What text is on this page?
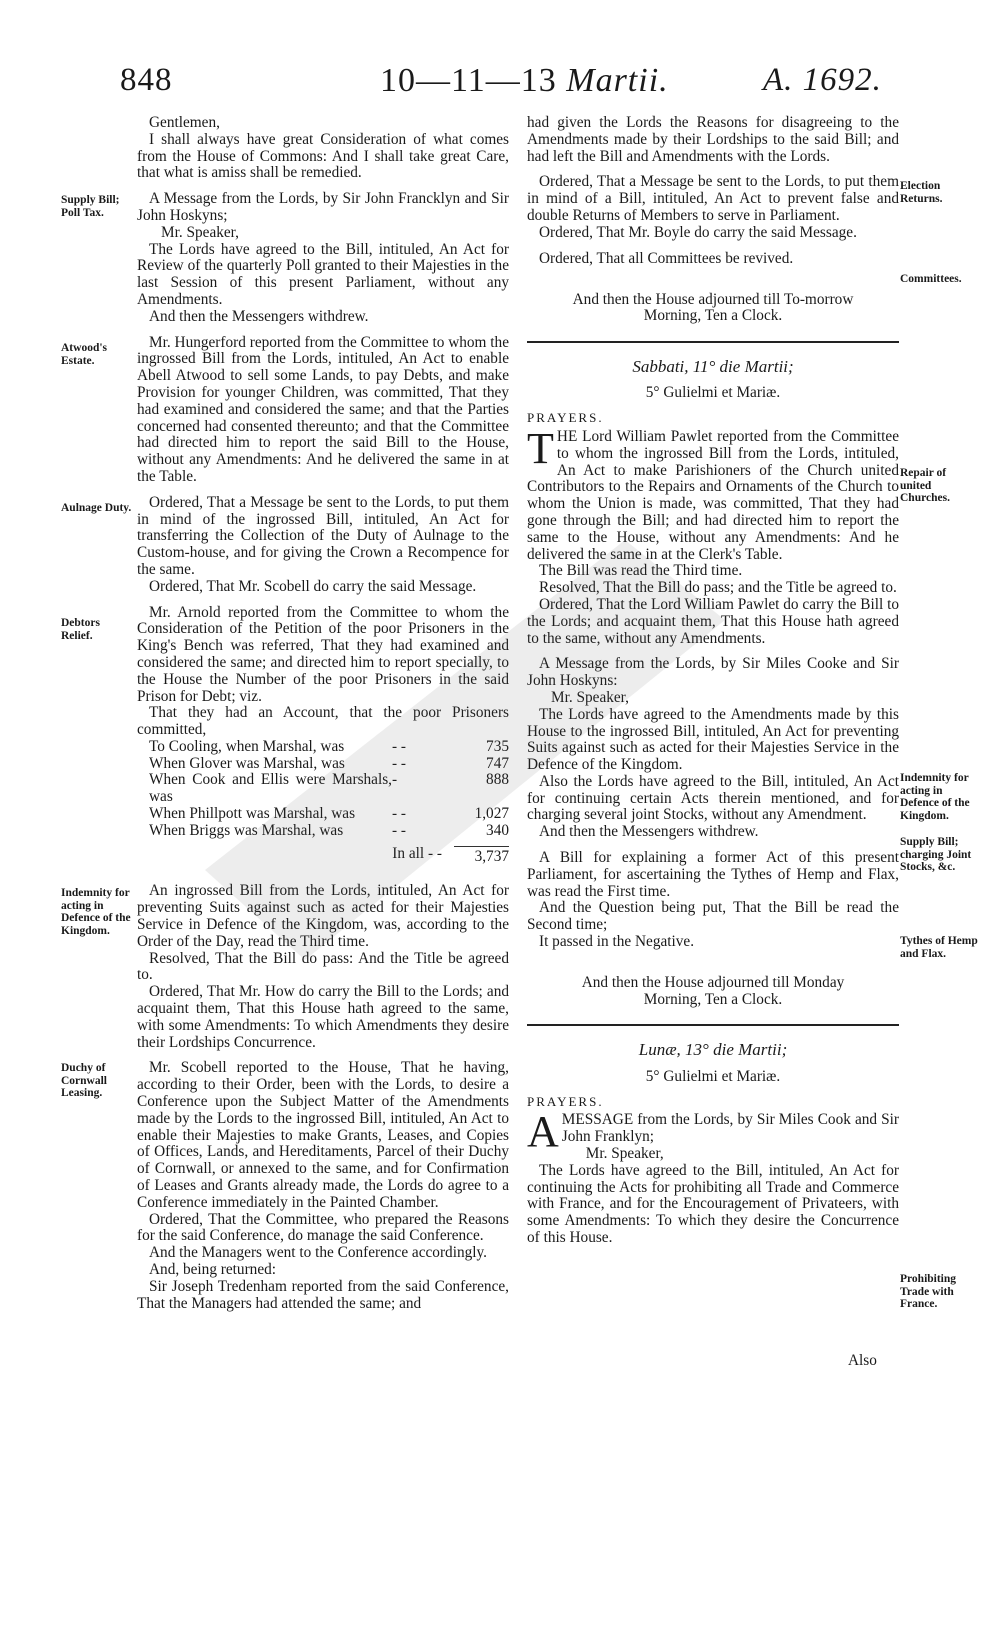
848	10—11—13 Martii.	A. 1692.

Gentlemen,

I shall always have great Consideration of what comes from the House of Commons: And I shall take great Care, that what is amiss shall be remedied.

A Message from the Lords, by Sir John Francklyn and Sir John Hoskyns;

Mr. Speaker,

The Lords have agreed to the Bill, intituled, An Act for Review of the quarterly Poll granted to their Majesties in the last Session of this present Parliament, without any Amendments.

And then the Messengers withdrew.

Mr. Hungerford reported from the Committee to whom the ingrossed Bill from the Lords, intituled, An Act to enable Abell Atwood to sell some Lands, to pay Debts, and make Provision for younger Children, was committed, That they had examined and considered the same; and that the Parties concerned had consented thereunto; and that the Committee had directed him to report the said Bill to the House, without any Amendments: And he delivered the same in at the Table.

Ordered, That a Message be sent to the Lords, to put them in mind of the ingrossed Bill, intituled, An Act for transferring the Collection of the Duty of Aulnage to the Custom-house, and for giving the Crown a Recompence for the same.

Ordered, That Mr. Scobell do carry the said Message.

Mr. Arnold reported from the Committee to whom the Consideration of the Petition of the poor Prisoners in the King's Bench was referred, That they had examined and considered the same; and directed him to report specially, to the House the Number of the poor Prisoners in the said Prison for Debt; viz.

That they had an Account, that the poor Prisoners committed,

To Cooling, when Marshal, was	- -	735
When Glover was Marshal, was	- -	747
When Cook and Ellis were Marshals, was
-	888
When Phillpott was Marshal, was	- -	1,027
When Briggs was Marshal, was	- -	340
In all - -	3,737

An ingrossed Bill from the Lords, intituled, An Act for preventing Suits against such as acted for their Majesties Service in Defence of the Kingdom, was, according to the Order of the Day, read the Third time.

Resolved, That the Bill do pass: And the Title be agreed to.

Ordered, That Mr. How do carry the Bill to the Lords; and acquaint them, That this House hath agreed to the same, with some Amendments: To which Amendments they desire their Lordships Concurrence.

Mr. Scobell reported to the House, That he having, according to their Order, been with the Lords, to desire a Conference upon the Subject Matter of the Amendments made by the Lords to the ingrossed Bill, intituled, An Act to enable their Majesties to make Grants, Leases, and Copies of Offices, Lands, and Hereditaments, Parcel of their Duchy of Cornwall, or annexed to the same, and for Confirmation of Leases and Grants already made, the Lords do agree to a Conference immediately in the Painted Chamber.

Ordered, That the Committee, who prepared the Reasons for the said Conference, do manage the said Conference.

And the Managers went to the Conference accordingly.

And, being returned:

Sir Joseph Tredenham reported from the said Conference, That the Managers had attended the same; and

had given the Lords the Reasons for disagreeing to the Amendments made by their Lordships to the said Bill; and had left the Bill and Amendments with the Lords.

Ordered, That a Message be sent to the Lords, to put them in mind of a Bill, intituled, An Act to prevent false and double Returns of Members to serve in Parliament.

Ordered, That Mr. Boyle do carry the said Message.

Ordered, That all Committees be revived.

And then the House adjourned till To-morrow Morning, Ten a Clock.

Sabbati, 11° die Martii;
5° Gulielmi et Mariæ.
PRAYERS.

THE Lord William Pawlet reported from the Committee to whom the ingrossed Bill from the Lords, intituled, An Act to make Parishioners of the Church united Contributors to the Repairs and Ornaments of the Church to whom the Union is made, was committed, That they had gone through the Bill; and had directed him to report the same to the House, without any Amendments: And he delivered the same in at the Clerk's Table.

The Bill was read the Third time.

Resolved, That the Bill do pass; and the Title be agreed to.

Ordered, That the Lord William Pawlet do carry the Bill to the Lords; and acquaint them, That this House hath agreed to the same, without any Amendments.

A Message from the Lords, by Sir Miles Cooke and Sir John Hoskyns:

Mr. Speaker,

The Lords have agreed to the Amendments made by this House to the ingrossed Bill, intituled, An Act for preventing Suits against such as acted for their Majesties Service in the Defence of the Kingdom.

Also the Lords have agreed to the Bill, intituled, An Act for continuing certain Acts therein mentioned, and for charging several joint Stocks, without any Amendment.

And then the Messengers withdrew.

A Bill for explaining a former Act of this present Parliament, for ascertaining the Tythes of Hemp and Flax, was read the First time.

And the Question being put, That the Bill be read the Second time;

It passed in the Negative.

And then the House adjourned till Monday Morning, Ten a Clock.

Lunæ, 13° die Martii;
5° Gulielmi et Mariæ.
PRAYERS.

AMESSAGE from the Lords, by Sir Miles Cook and Sir John Franklyn;

Mr. Speaker,

The Lords have agreed to the Bill, intituled, An Act for continuing the Acts for prohibiting all Trade and Commerce with France, and for the Encouragement of Privateers, with some Amendments: To which they desire the Concurrence of this House.

Also
Supply Bill; Poll Tax.
Atwood's Estate.
Aulnage Duty.
Debtors Relief.
Indemnity for acting in Defence of the Kingdom.
Duchy of Cornwall Leasing.
Election Returns.
Committees.
Repair of united Churches.
Indemnity for acting in Defence of the Kingdom.
Supply Bill; charging Joint Stocks, &c.
Tythes of Hemp and Flax.
Prohibiting Trade with France.
